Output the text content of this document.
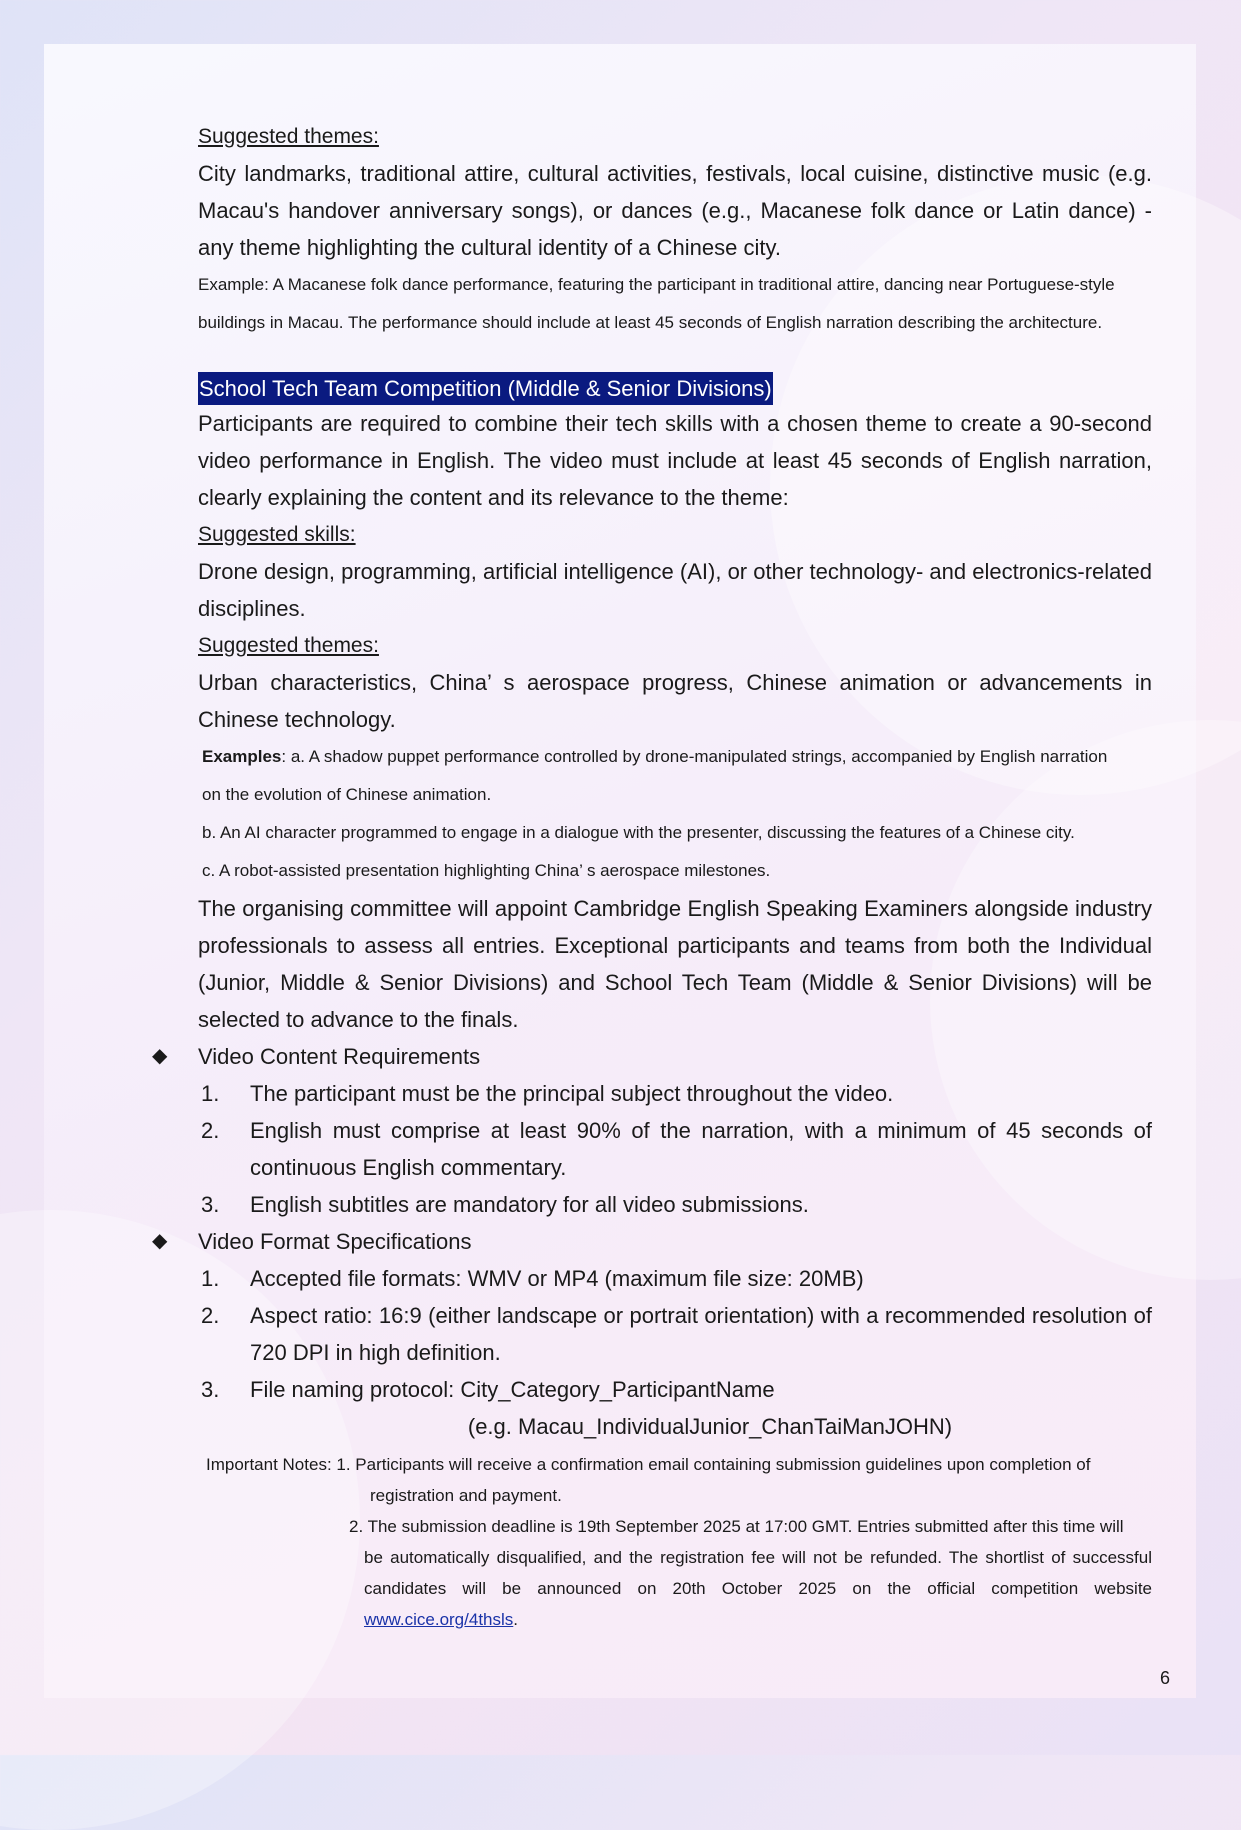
Suggested themes:

City landmarks, traditional attire, cultural activities, festivals, local cuisine, distinctive music (e.g. Macau's handover anniversary songs), or dances (e.g., Macanese folk dance or Latin dance) - any theme highlighting the cultural identity of a Chinese city.

Example: A Macanese folk dance performance, featuring the participant in traditional attire, dancing near Portuguese-style

buildings in Macau. The performance should include at least 45 seconds of English narration describing the architecture.

School Tech Team Competition (Middle & Senior Divisions)

Participants are required to combine their tech skills with a chosen theme to create a 90-second video performance in English. The video must include at least 45 seconds of English narration, clearly explaining the content and its relevance to the theme:

Suggested skills:

Drone design, programming, artificial intelligence (AI), or other technology- and electronics-related disciplines.

Suggested themes:

Urban characteristics, China’ s aerospace progress, Chinese animation or advancements in Chinese technology.

Examples: a. A shadow puppet performance controlled by drone-manipulated strings, accompanied by English narration

on the evolution of Chinese animation.

b. An AI character programmed to engage in a dialogue with the presenter, discussing the features of a Chinese city.

c. A robot-assisted presentation highlighting China’ s aerospace milestones.

The organising committee will appoint Cambridge English Speaking Examiners alongside industry professionals to assess all entries. Exceptional participants and teams from both the Individual (Junior, Middle & Senior Divisions) and School Tech Team (Middle & Senior Divisions) will be selected to advance to the finals.

◆ Video Content Requirements

1. The participant must be the principal subject throughout the video.
2. English must comprise at least 90% of the narration, with a minimum of 45 seconds of continuous English commentary.
3. English subtitles are mandatory for all video submissions.

◆ Video Format Specifications

1. Accepted file formats: WMV or MP4 (maximum file size: 20MB)
2. Aspect ratio: 16:9 (either landscape or portrait orientation) with a recommended resolution of 720 DPI in high definition.
3. File naming protocol: City_Category_ParticipantName

(e.g. Macau_IndividualJunior_ChanTaiManJOHN)

Important Notes: 1. Participants will receive a confirmation email containing submission guidelines upon completion of
registration and payment.
2. The submission deadline is 19th September 2025 at 17:00 GMT. Entries submitted after this time will
be automatically disqualified, and the registration fee will not be refunded. The shortlist of successful candidates will be announced on 20th October 2025 on the official competition website www.cice.org/4thsls.
6
